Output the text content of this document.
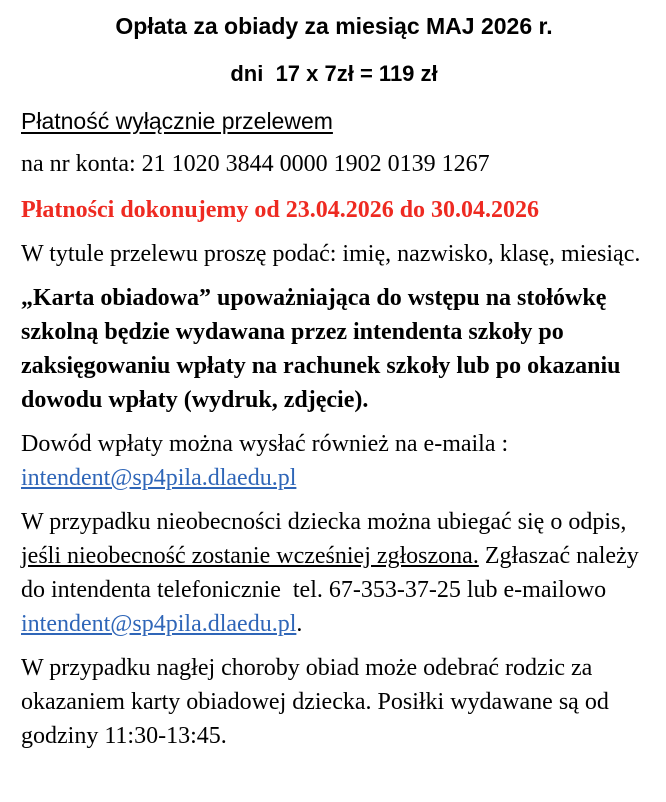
Opłata za obiady za miesiąc MAJ 2026 r.
dni  17 x 7zł = 119 zł

Płatność wyłącznie przelewem

na nr konta: 21 1020 3844 0000 1902 0139 1267

Płatności dokonujemy od 23.04.2026 do 30.04.2026

W tytule przelewu proszę podać: imię, nazwisko, klasę, miesiąc.

„Karta obiadowa” upoważniająca do wstępu na stołówkę szkolną będzie wydawana przez intendenta szkoły po zaksięgowaniu wpłaty na rachunek szkoły lub po okazaniu dowodu wpłaty (wydruk, zdjęcie).

Dowód wpłaty można wysłać również na e-maila :
intendent@sp4pila.dlaedu.pl

W przypadku nieobecności dziecka można ubiegać się o odpis, jeśli nieobecność zostanie wcześniej zgłoszona. Zgłaszać należy do intendenta telefonicznie  tel. 67-353-37-25 lub e-mailowo intendent@sp4pila.dlaedu.pl.

W przypadku nagłej choroby obiad może odebrać rodzic za okazaniem karty obiadowej dziecka. Posiłki wydawane są od godziny 11:30-13:45.
